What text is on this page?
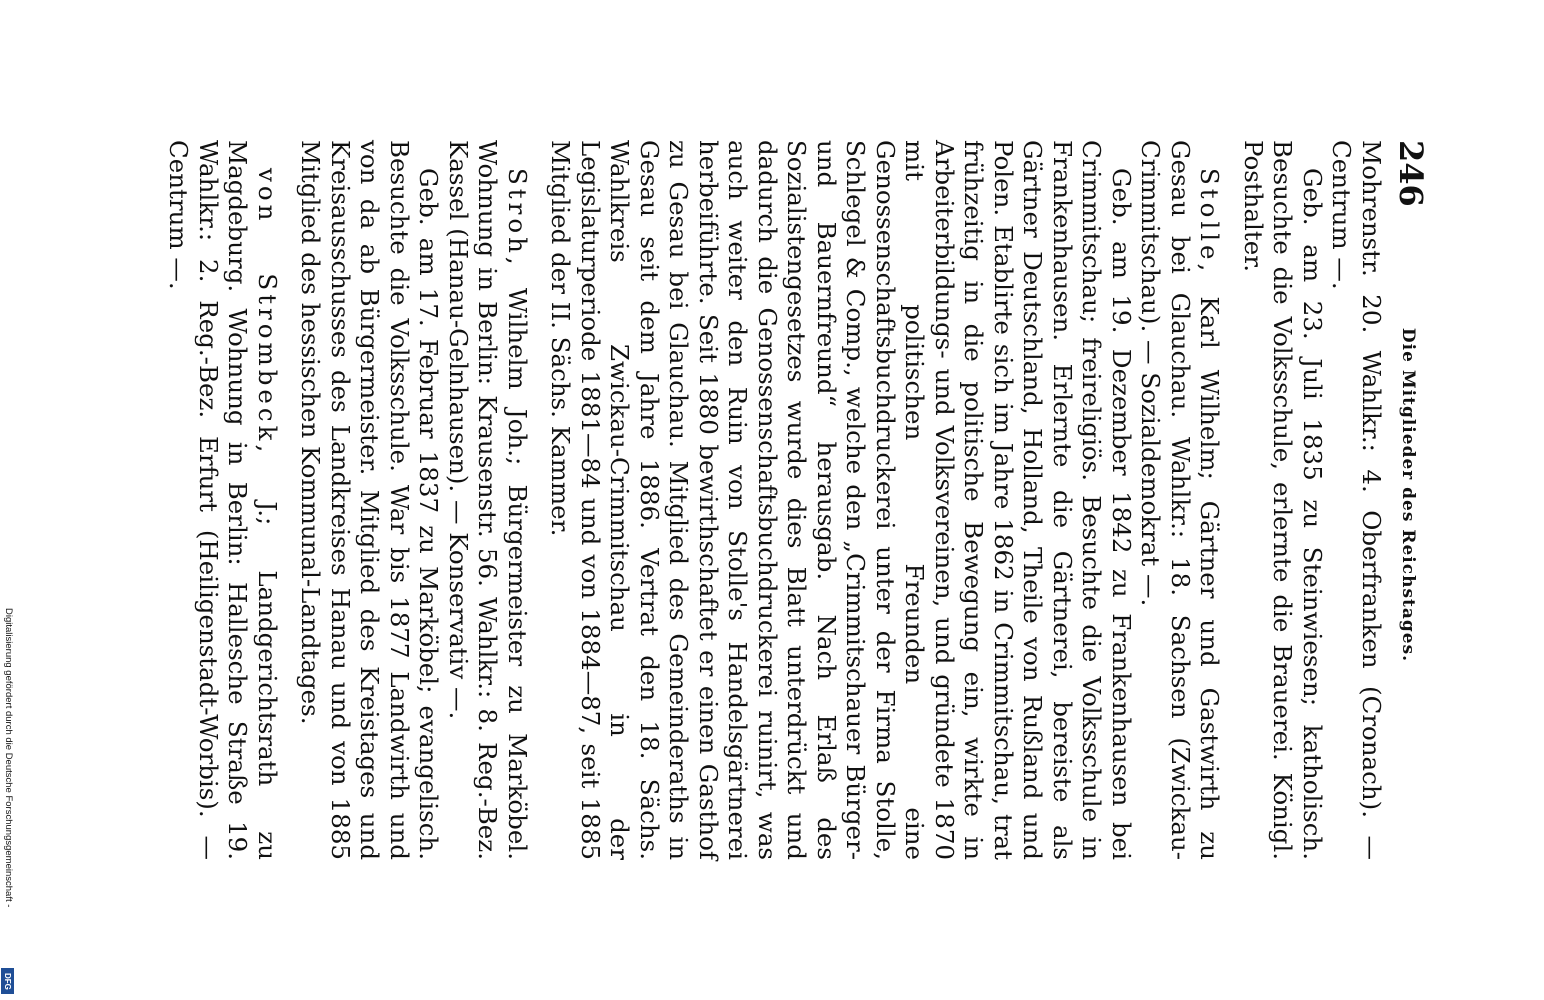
246
Die Mitglieder des Reichstages.

Mohrenstr. 20. Wahlkr.: 4. Oberfranken (Cronach). — Centrum —.

Geb. am 23. Juli 1835 zu Steinwiesen; katholisch. Besuchte die Volksschule, erlernte die Brauerei. Königl. Posthalter.

Stolle, Karl Wilhelm; Gärtner und Gastwirth zu Gesau bei Glauchau. Wahlkr.: 18. Sachsen (Zwickau-Crimmitschau). — Sozialdemokrat —.

Geb. am 19. Dezember 1842 zu Frankenhausen bei Crimmitschau; freireligiös. Besuchte die Volksschule in Frankenhausen. Erlernte die Gärtnerei, bereiste als Gärtner Deutschland, Holland, Theile von Rußland und Polen. Etablirte sich im Jahre 1862 in Crimmitschau, trat frühzeitig in die politische Bewegung ein, wirkte in Arbeiterbildungs- und Volksvereinen, und gründete 1870 mit politischen Freunden eine Genossenschaftsbuchdruckerei unter der Firma Stolle, Schlegel & Comp., welche den „Crimmitschauer Bürger- und Bauernfreund“ herausgab. Nach Erlaß des Sozialistengesetzes wurde dies Blatt unterdrückt und dadurch die Genossenschaftsbuchdruckerei ruinirt, was auch weiter den Ruin von Stolle's Handelsgärtnerei herbeiführte. Seit 1880 bewirthschaftet er einen Gasthof zu Gesau bei Glauchau. Mitglied des Gemeinderaths in Gesau seit dem Jahre 1886. Vertrat den 18. Sächs. Wahlkreis Zwickau-Crimmitschau in der Legislaturperiode 1881—84 und von 1884—87, seit 1885 Mitglied der II. Sächs. Kammer.

Stroh, Wilhelm Joh.; Bürgermeister zu Marköbel. Wohnung in Berlin: Krausenstr. 56. Wahlkr.: 8. Reg.-Bez. Kassel (Hanau-Gelnhausen). — Konservativ —.

Geb. am 17. Februar 1837 zu Marköbel; evangelisch. Besuchte die Volksschule. War bis 1877 Landwirth und von da ab Bürgermeister. Mitglied des Kreistages und Kreisausschusses des Landkreises Hanau und von 1885 Mitglied des hessischen Kommunal-Landtages.

von Strombeck, J.; Landgerichtsrath zu Magdeburg. Wohnung in Berlin: Hallesche Straße 19. Wahlkr.: 2. Reg.-Bez. Erfurt (Heiligenstadt-Worbis). — Centrum —.

Digitalisierung gefördert durch die Deutsche Forschungsgemeinschaft -
DFG
